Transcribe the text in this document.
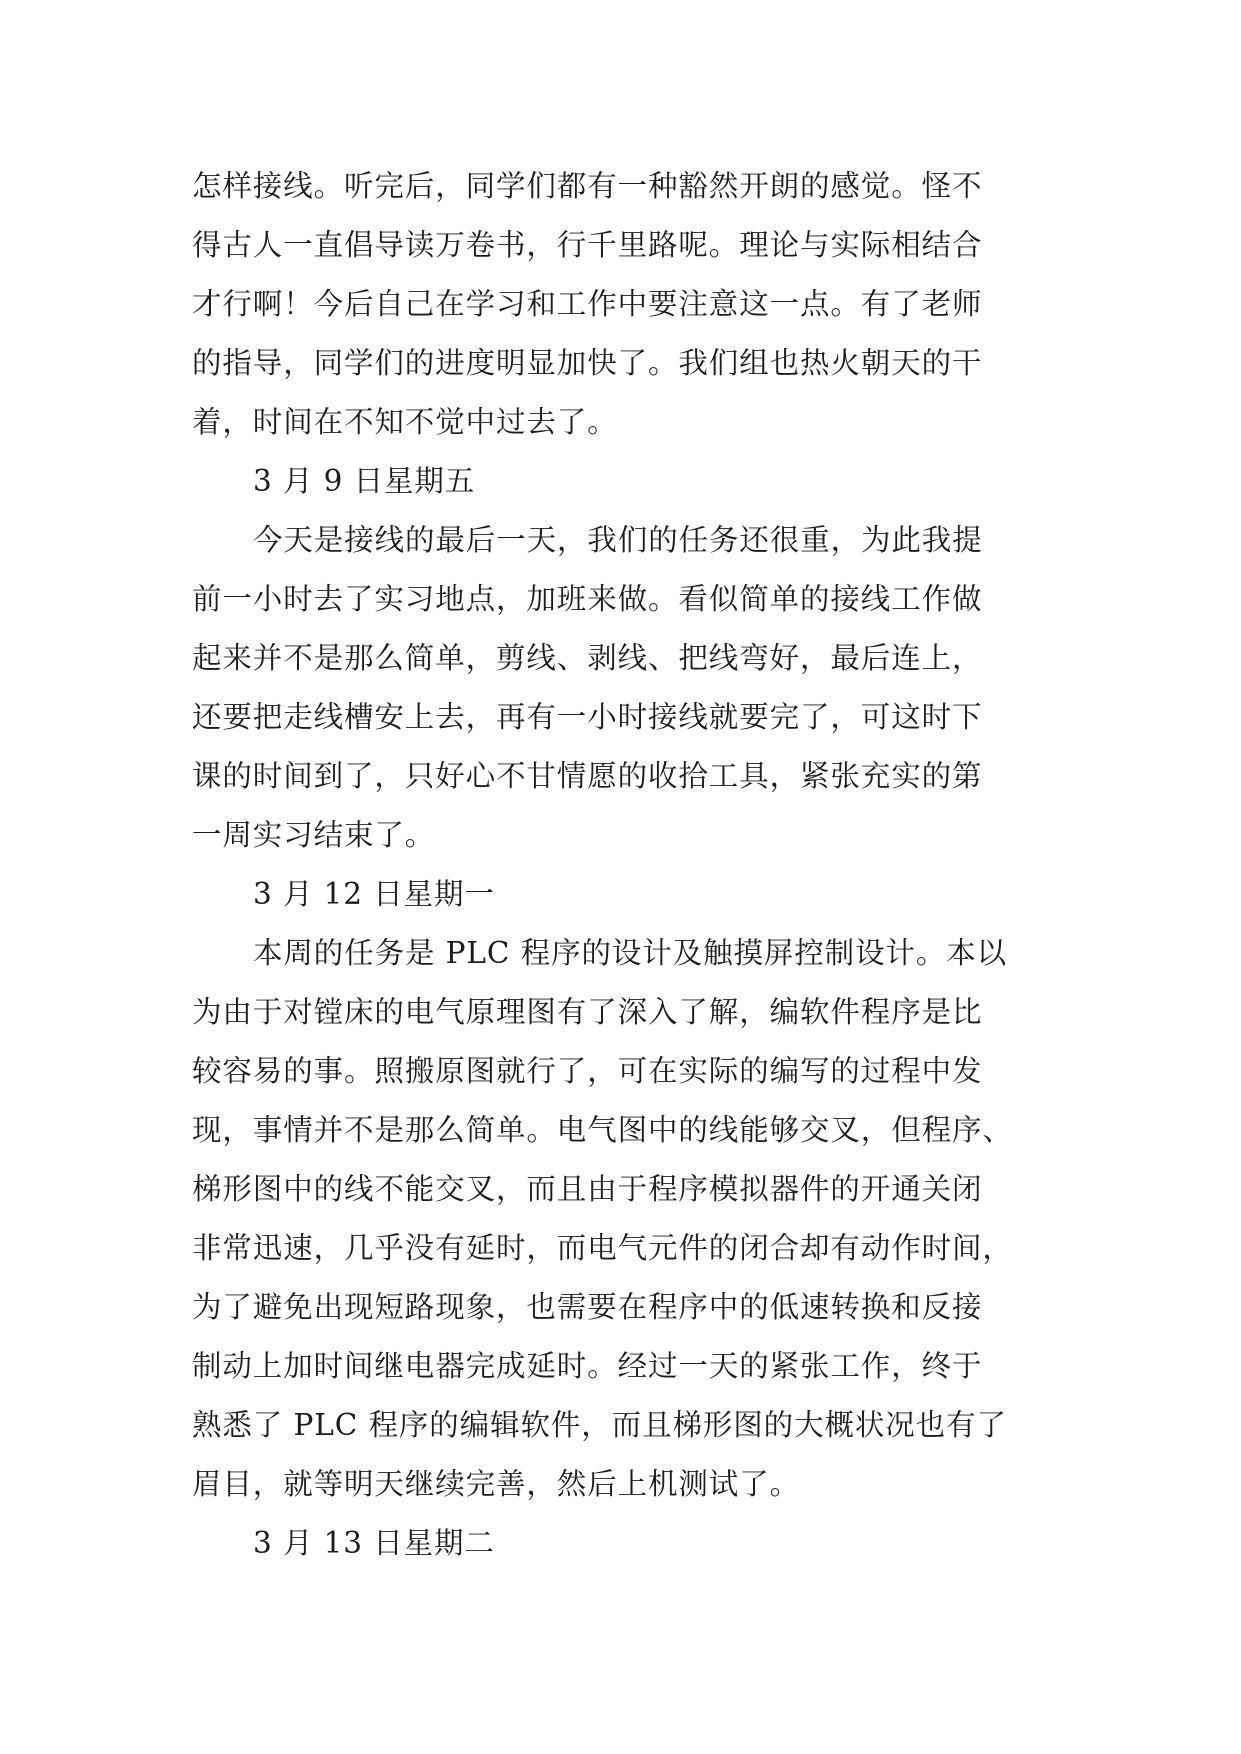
怎样接线。听完后，同学们都有一种豁然开朗的感觉。怪不
得古人一直倡导读万卷书，行千里路呢。理论与实际相结合
才行啊！今后自己在学习和工作中要注意这一点。有了老师
的指导，同学们的进度明显加快了。我们组也热火朝天的干
着，时间在不知不觉中过去了。
3 月 9 日星期五
今天是接线的最后一天，我们的任务还很重，为此我提
前一小时去了实习地点，加班来做。看似简单的接线工作做
起来并不是那么简单，剪线、剥线、把线弯好，最后连上，
还要把走线槽安上去，再有一小时接线就要完了，可这时下
课的时间到了，只好心不甘情愿的收拾工具，紧张充实的第
一周实习结束了。
3 月 12 日星期一
本周的任务是 PLC 程序的设计及触摸屏控制设计。本以
为由于对镗床的电气原理图有了深入了解，编软件程序是比
较容易的事。照搬原图就行了，可在实际的编写的过程中发
现，事情并不是那么简单。电气图中的线能够交叉，但程序、
梯形图中的线不能交叉，而且由于程序模拟器件的开通关闭
非常迅速，几乎没有延时，而电气元件的闭合却有动作时间，
为了避免出现短路现象，也需要在程序中的低速转换和反接
制动上加时间继电器完成延时。经过一天的紧张工作，终于
熟悉了 PLC 程序的编辑软件，而且梯形图的大概状况也有了
眉目，就等明天继续完善，然后上机测试了。
3 月 13 日星期二
